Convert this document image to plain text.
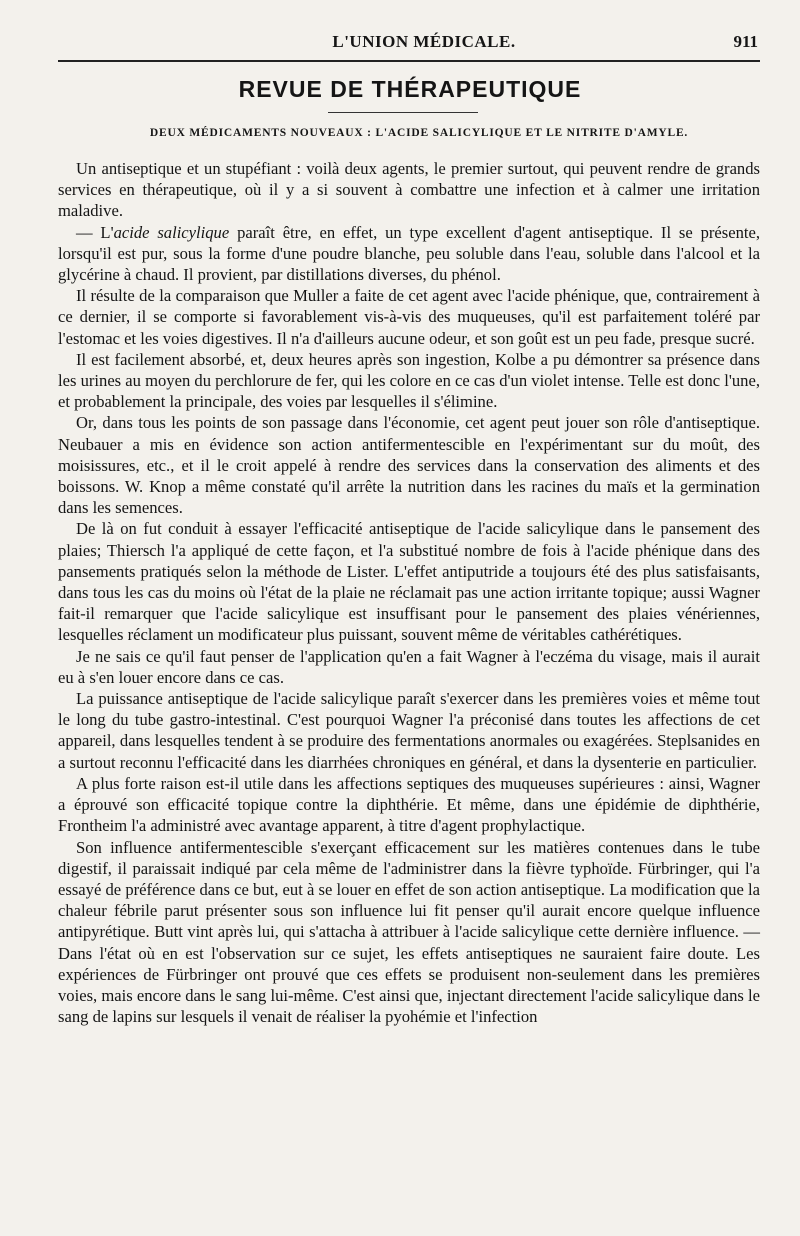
L'UNION MÉDICALE.	911
REVUE DE THÉRAPEUTIQUE
DEUX MÉDICAMENTS NOUVEAUX : L'ACIDE SALICYLIQUE ET LE NITRITE D'AMYLE.

Un antiseptique et un stupéfiant : voilà deux agents, le premier surtout, qui peuvent rendre de grands services en thérapeutique, où il y a si souvent à combattre une infection et à calmer une irritation maladive.

— L'acide salicylique paraît être, en effet, un type excellent d'agent antiseptique. Il se présente, lorsqu'il est pur, sous la forme d'une poudre blanche, peu soluble dans l'eau, soluble dans l'alcool et la glycérine à chaud. Il provient, par distillations diverses, du phénol.

Il résulte de la comparaison que Muller a faite de cet agent avec l'acide phénique, que, contrairement à ce dernier, il se comporte si favorablement vis-à-vis des muqueuses, qu'il est parfaitement toléré par l'estomac et les voies digestives. Il n'a d'ailleurs aucune odeur, et son goût est un peu fade, presque sucré.

Il est facilement absorbé, et, deux heures après son ingestion, Kolbe a pu démontrer sa présence dans les urines au moyen du perchlorure de fer, qui les colore en ce cas d'un violet intense. Telle est donc l'une, et probablement la principale, des voies par lesquelles il s'élimine.

Or, dans tous les points de son passage dans l'économie, cet agent peut jouer son rôle d'antiseptique. Neubauer a mis en évidence son action antifermentescible en l'expérimentant sur du moût, des moisissures, etc., et il le croit appelé à rendre des services dans la conservation des aliments et des boissons. W. Knop a même constaté qu'il arrête la nutrition dans les racines du maïs et la germination dans les semences.

De là on fut conduit à essayer l'efficacité antiseptique de l'acide salicylique dans le pansement des plaies; Thiersch l'a appliqué de cette façon, et l'a substitué nombre de fois à l'acide phénique dans des pansements pratiqués selon la méthode de Lister. L'effet antiputride a toujours été des plus satisfaisants, dans tous les cas du moins où l'état de la plaie ne réclamait pas une action irritante topique; aussi Wagner fait-il remarquer que l'acide salicylique est insuffisant pour le pansement des plaies vénériennes, lesquelles réclament un modificateur plus puissant, souvent même de véritables cathérétiques.

Je ne sais ce qu'il faut penser de l'application qu'en a fait Wagner à l'eczéma du visage, mais il aurait eu à s'en louer encore dans ce cas.

La puissance antiseptique de l'acide salicylique paraît s'exercer dans les premières voies et même tout le long du tube gastro-intestinal. C'est pourquoi Wagner l'a préconisé dans toutes les affections de cet appareil, dans lesquelles tendent à se produire des fermentations anormales ou exagérées. Steplsanides en a surtout reconnu l'efficacité dans les diarrhées chroniques en général, et dans la dysenterie en particulier.

A plus forte raison est-il utile dans les affections septiques des muqueuses supérieures : ainsi, Wagner a éprouvé son efficacité topique contre la diphthérie. Et même, dans une épidémie de diphthérie, Frontheim l'a administré avec avantage apparent, à titre d'agent prophylactique.

Son influence antifermentescible s'exerçant efficacement sur les matières contenues dans le tube digestif, il paraissait indiqué par cela même de l'administrer dans la fièvre typhoïde. Fürbringer, qui l'a essayé de préférence dans ce but, eut à se louer en effet de son action antiseptique. La modification que la chaleur fébrile parut présenter sous son influence lui fit penser qu'il aurait encore quelque influence antipyrétique. Butt vint après lui, qui s'attacha à attribuer à l'acide salicylique cette dernière influence. — Dans l'état où en est l'observation sur ce sujet, les effets antiseptiques ne sauraient faire doute. Les expériences de Fürbringer ont prouvé que ces effets se produisent non-seulement dans les premières voies, mais encore dans le sang lui-même. C'est ainsi que, injectant directement l'acide salicylique dans le sang de lapins sur lesquels il venait de réaliser la pyohémie et l'infection
